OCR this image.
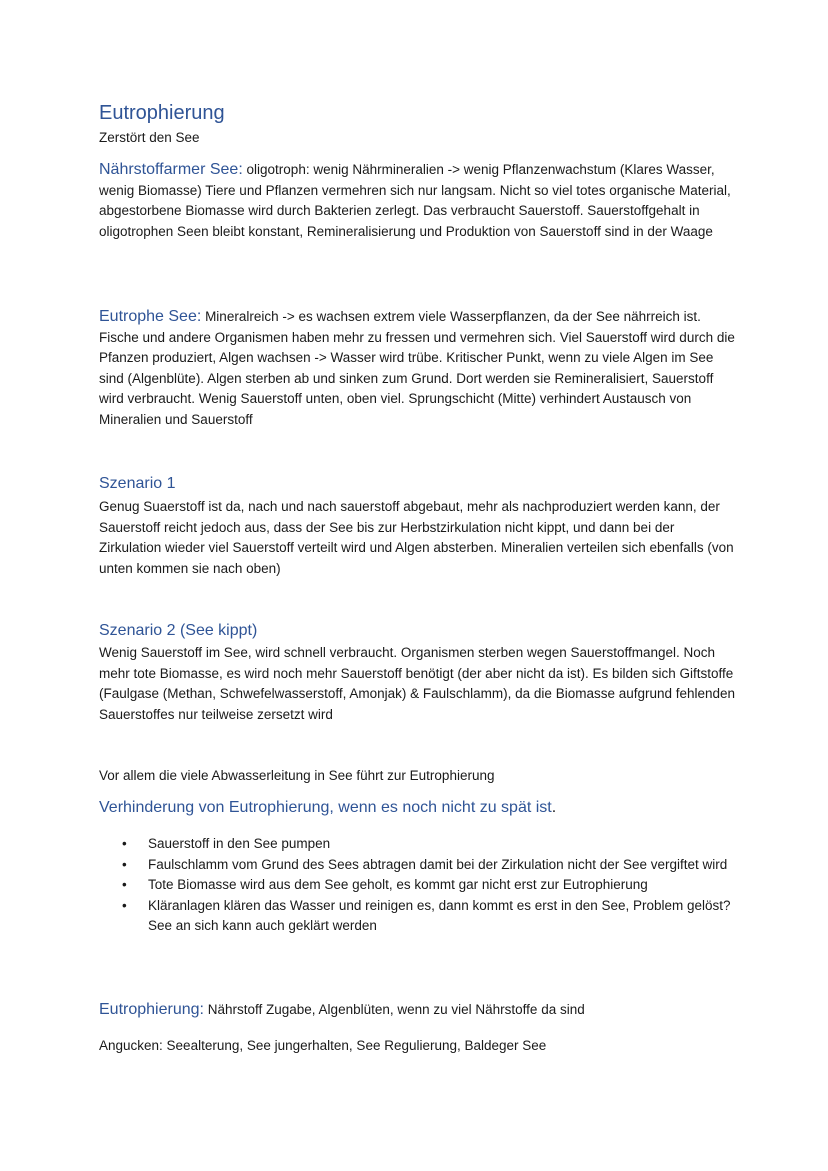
Eutrophierung
Zerstört den See
Nährstoffarmer See: oligotroph: wenig Nährmineralien -> wenig Pflanzenwachstum (Klares Wasser, wenig Biomasse) Tiere und Pflanzen vermehren sich nur langsam. Nicht so viel totes organische Material, abgestorbene Biomasse wird durch Bakterien zerlegt. Das verbraucht Sauerstoff. Sauerstoffgehalt in oligotrophen Seen bleibt konstant, Remineralisierung und Produktion von Sauerstoff sind in der Waage
Eutrophe See: Mineralreich -> es wachsen extrem viele Wasserpflanzen, da der See nährreich ist. Fische und andere Organismen haben mehr zu fressen und vermehren sich. Viel Sauerstoff wird durch die Pfanzen produziert, Algen wachsen -> Wasser wird trübe. Kritischer Punkt, wenn zu viele Algen im See sind (Algenblüte). Algen sterben ab und sinken zum Grund. Dort werden sie Remineralisiert, Sauerstoff wird verbraucht. Wenig Sauerstoff unten, oben viel. Sprungschicht (Mitte) verhindert Austausch von Mineralien und Sauerstoff
Szenario 1
Genug Suaerstoff ist da, nach und nach sauerstoff abgebaut, mehr als nachproduziert werden kann, der Sauerstoff reicht jedoch aus, dass der See bis zur Herbstzirkulation nicht kippt, und dann bei der Zirkulation wieder viel Sauerstoff verteilt wird und Algen absterben. Mineralien verteilen sich ebenfalls (von unten kommen sie nach oben)
Szenario 2 (See kippt)
Wenig Sauerstoff im See, wird schnell verbraucht. Organismen sterben wegen Sauerstoffmangel. Noch mehr tote Biomasse, es wird noch mehr Sauerstoff benötigt (der aber nicht da ist). Es bilden sich Giftstoffe (Faulgase (Methan, Schwefelwasserstoff, Amonjak) & Faulschlamm), da die Biomasse aufgrund fehlenden Sauerstoffes nur teilweise zersetzt wird
Vor allem die viele Abwasserleitung in See führt zur Eutrophierung
Verhinderung von Eutrophierung, wenn es noch nicht zu spät ist.
• Sauerstoff in den See pumpen
• Faulschlamm vom Grund des Sees abtragen damit bei der Zirkulation nicht der See vergiftet wird
• Tote Biomasse wird aus dem See geholt, es kommt gar nicht erst zur Eutrophierung
• Kläranlagen klären das Wasser und reinigen es, dann kommt es erst in den See, Problem gelöst? See an sich kann auch geklärt werden
Eutrophierung: Nährstoff Zugabe, Algenblüten, wenn zu viel Nährstoffe da sind
Angucken: Seealterung, See jungerhalten, See Regulierung, Baldeger See
